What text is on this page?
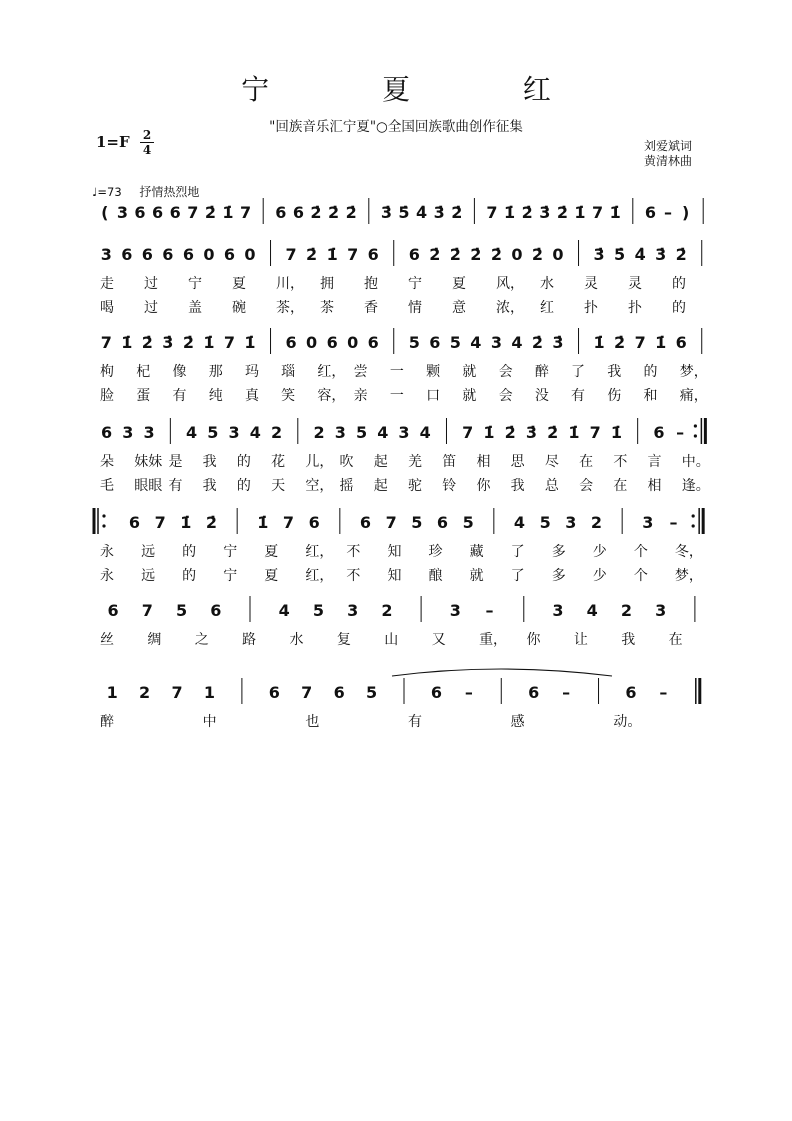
宁 夏 红
"回族音乐汇宁夏"○全国回族歌曲创作征集
1=F 2
4	刘爱斌词
黄清林曲
♩=73 抒情热烈地
( 3 6 6 6 7 2̇ 1̇ 7 6 6 2̇ 2̇ 2̇ 3̇ 5̇ 4̇ 3̇ 2̇ 7 1̇ 2̇ 3̇ 2̇ 1̇ 7 1̇ 6 – )
3 6 6 6 6 0 6 0 7 2̇ 1̇ 7 6 6 2̇ 2̇ 2̇ 2̇ 0 2̇ 0 3̇ 5̇ 4̇ 3̇ 2̇
走 过 宁 夏 川， 拥 抱 宁 夏 风， 水 灵 灵 的
喝 过 盖 碗 茶， 茶 香 情 意 浓， 红 扑 扑 的
7 1̇ 2̇ 3̇ 2̇ 1̇ 7 1̇ 6 0 6 0 6 5 6 5 4 3 4 2̇ 3̇ 1̇ 2̇ 7 1̇ 6
枸 杞 像 那 玛 瑙 红， 尝 一 颗 就 会 醉 了 我 的 梦，
脸 蛋 有 纯 真 笑 容， 亲 一 口 就 会 没 有 伤 和 痛，
6 3 3 4 5 3 4 2 2 3 5 4 3 4 7 1̇ 2̇ 3̇ 2̇ 1̇ 7 1̇ 6 –
朵 妹妹 是 我 的 花 儿， 吹 起 羌 笛 相 思 尽 在 不 言 中。
毛 眼眼 有 我 的 天 空， 摇 起 驼 铃 你 我 总 会 在 相 逢。
6 7 1̇ 2̇	1̇ 7 6	6 7 5 6 5	4 5 3 2	3 –
永 远 的 宁 夏 红， 不 知 珍 藏 了 多 少 个 冬，
永 远 的 宁 夏 红， 不 知 酿 就 了 多 少 个 梦，
6 7 5 6	4 5 3 2	3 –	3 4 2 3
丝 绸 之 路 水 复 山 又 重， 你 让 我 在
1 2 7 1	6 7 6 5	6 –	6 –	6 –
醉	中	也	有	感	动。
